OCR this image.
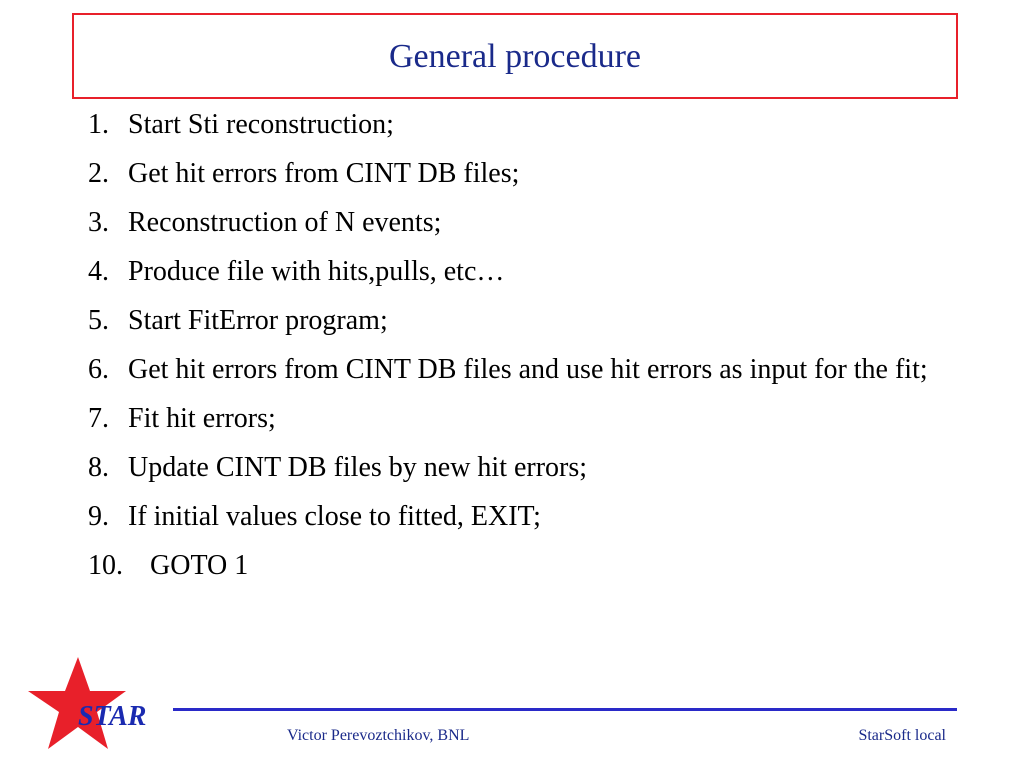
General procedure
1. Start Sti reconstruction;
2. Get hit errors from CINT DB files;
3. Reconstruction of N events;
4. Produce file with hits,pulls, etc…
5. Start FitError program;
6. Get hit errors from CINT DB files and use hit errors as input for the fit;
7. Fit hit errors;
8. Update CINT DB files by new hit errors;
9. If initial values close to fitted, EXIT;
10. GOTO 1
STAR
Victor Perevoztchikov, BNL	StarSoft local
